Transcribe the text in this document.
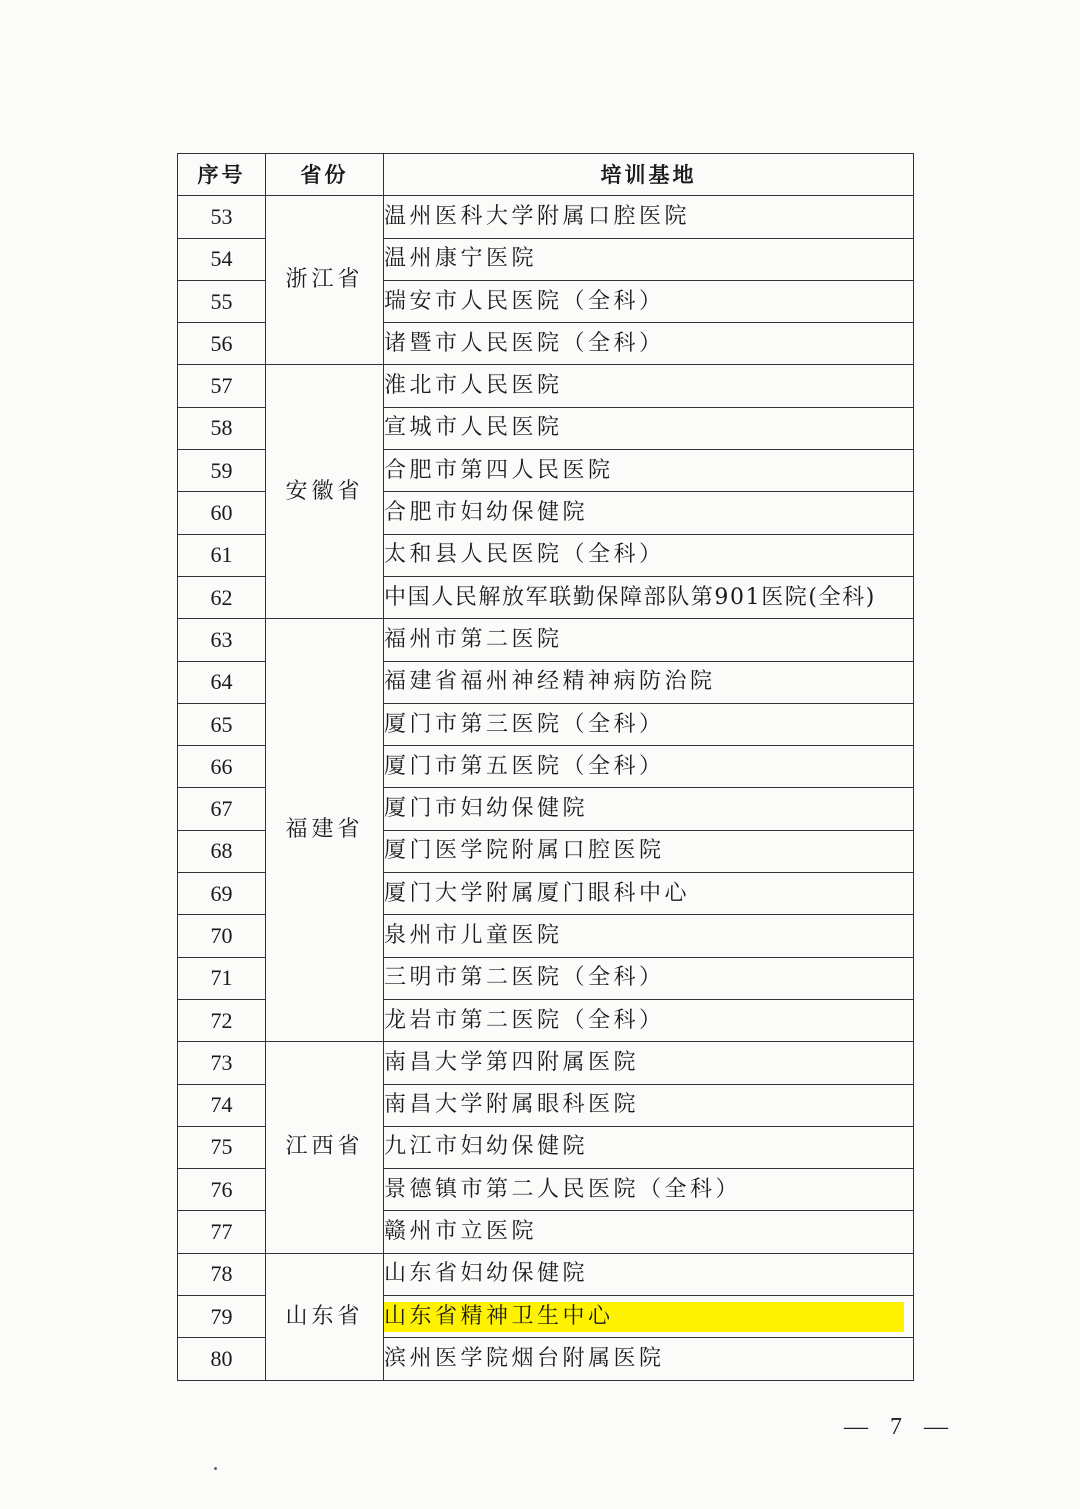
序号	省份	培训基地
53	浙江省	温州医科大学附属口腔医院
54		温州康宁医院
55		瑞安市人民医院（全科）
56		诸暨市人民医院（全科）
57	安徽省	淮北市人民医院
58		宣城市人民医院
59		合肥市第四人民医院
60		合肥市妇幼保健院
61		太和县人民医院（全科）
62		中国人民解放军联勤保障部队第901医院(全科)
63	福建省	福州市第二医院
64		福建省福州神经精神病防治院
65		厦门市第三医院（全科）
66		厦门市第五医院（全科）
67		厦门市妇幼保健院
68		厦门医学院附属口腔医院
69		厦门大学附属厦门眼科中心
70		泉州市儿童医院
71		三明市第二医院（全科）
72		龙岩市第二医院（全科）
73	江西省	南昌大学第四附属医院
74		南昌大学附属眼科医院
75		九江市妇幼保健院
76		景德镇市第二人民医院（全科）
77		赣州市立医院
78	山东省	山东省妇幼保健院
79		山东省精神卫生中心
80		滨州医学院烟台附属医院
— 7 —
